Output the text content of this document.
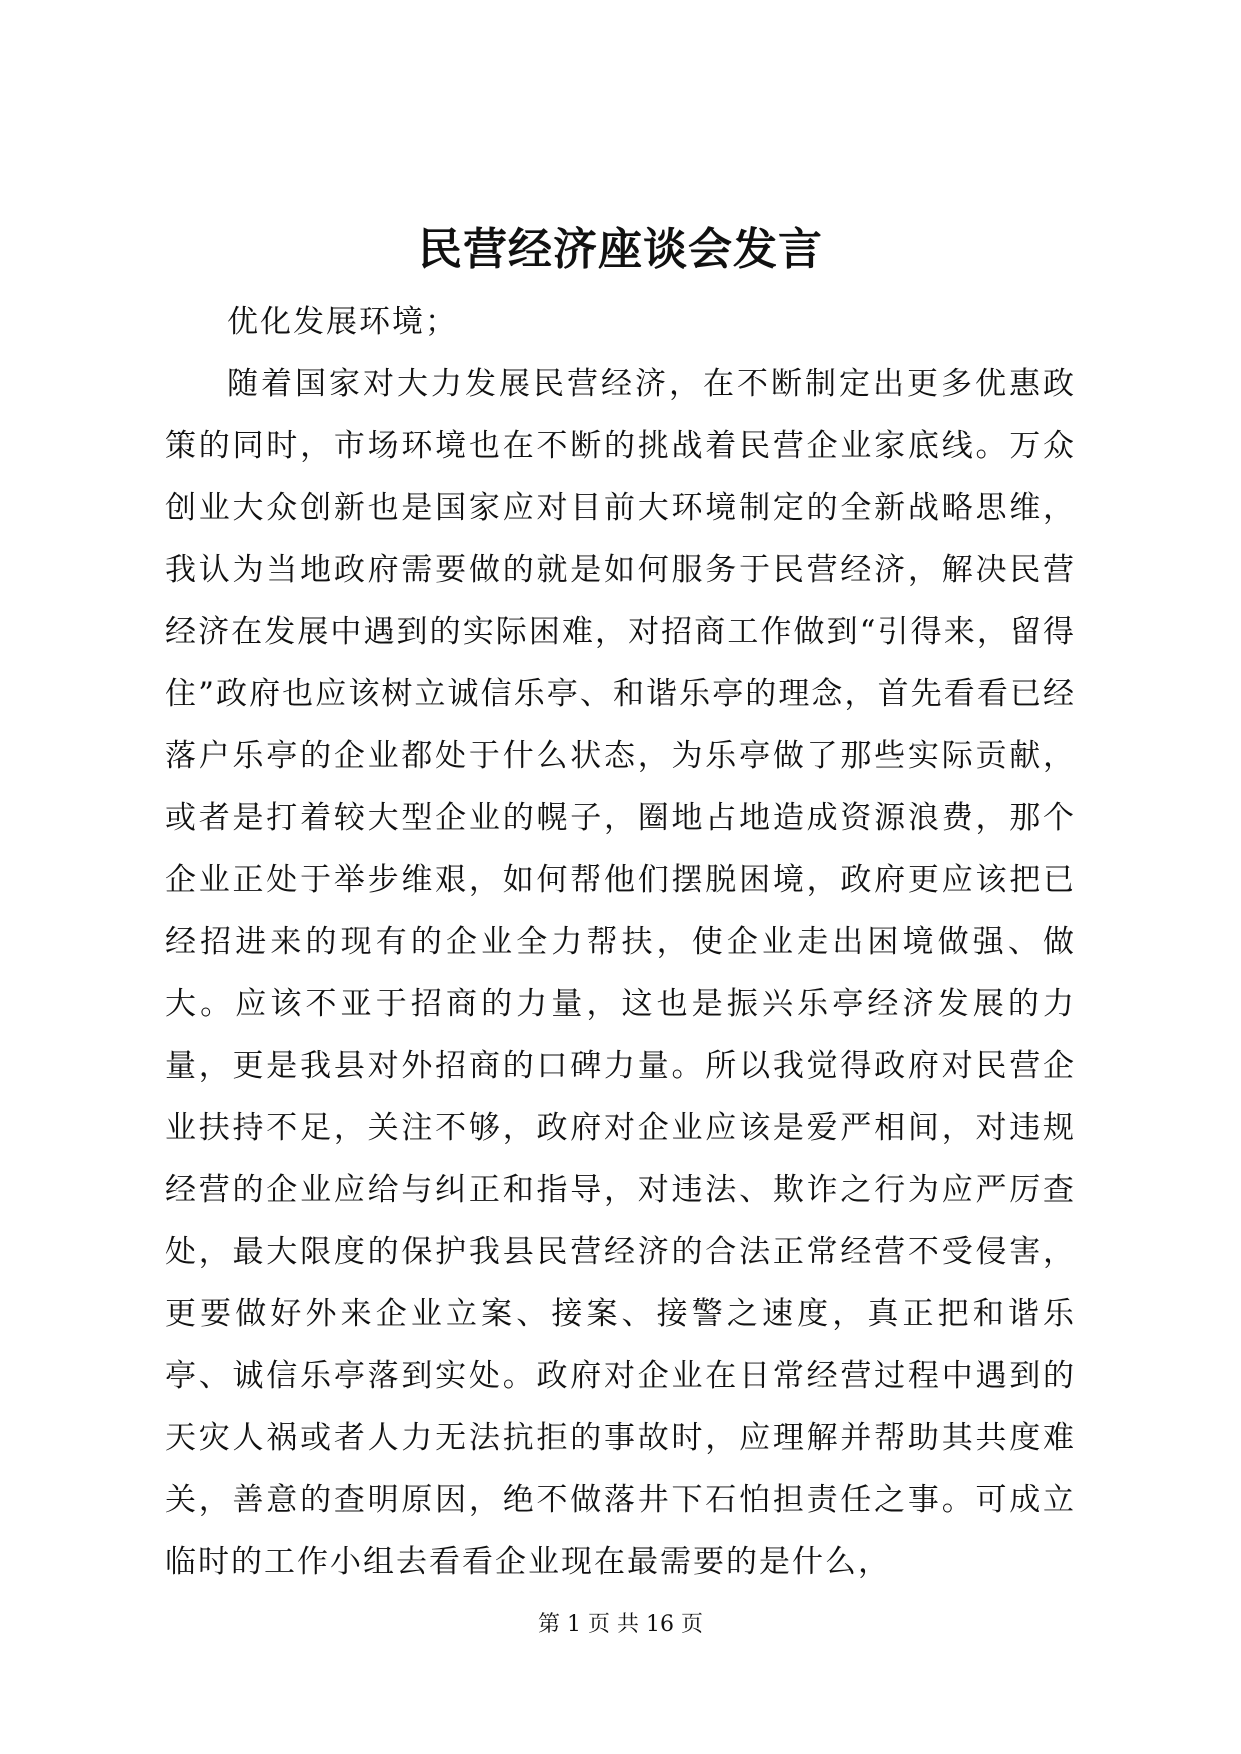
民营经济座谈会发言

优化发展环境；

随着国家对大力发展民营经济，在不断制定出更多优惠政策的同时，市场环境也在不断的挑战着民营企业家底线。万众创业大众创新也是国家应对目前大环境制定的全新战略思维，我认为当地政府需要做的就是如何服务于民营经济，解决民营经济在发展中遇到的实际困难，对招商工作做到“引得来，留得住”政府也应该树立诚信乐亭、和谐乐亭的理念，首先看看已经落户乐亭的企业都处于什么状态，为乐亭做了那些实际贡献，或者是打着较大型企业的幌子，圈地占地造成资源浪费，那个企业正处于举步维艰，如何帮他们摆脱困境，政府更应该把已经招进来的现有的企业全力帮扶，使企业走出困境做强、做大。应该不亚于招商的力量，这也是振兴乐亭经济发展的力量，更是我县对外招商的口碑力量。所以我觉得政府对民营企业扶持不足，关注不够，政府对企业应该是爱严相间，对违规经营的企业应给与纠正和指导，对违法、欺诈之行为应严厉查处，最大限度的保护我县民营经济的合法正常经营不受侵害，更要做好外来企业立案、接案、接警之速度，真正把和谐乐亭、诚信乐亭落到实处。政府对企业在日常经营过程中遇到的天灾人祸或者人力无法抗拒的事故时，应理解并帮助其共度难关，善意的查明原因，绝不做落井下石怕担责任之事。可成立临时的工作小组去看看企业现在最需要的是什么，

第 1 页 共 16 页
